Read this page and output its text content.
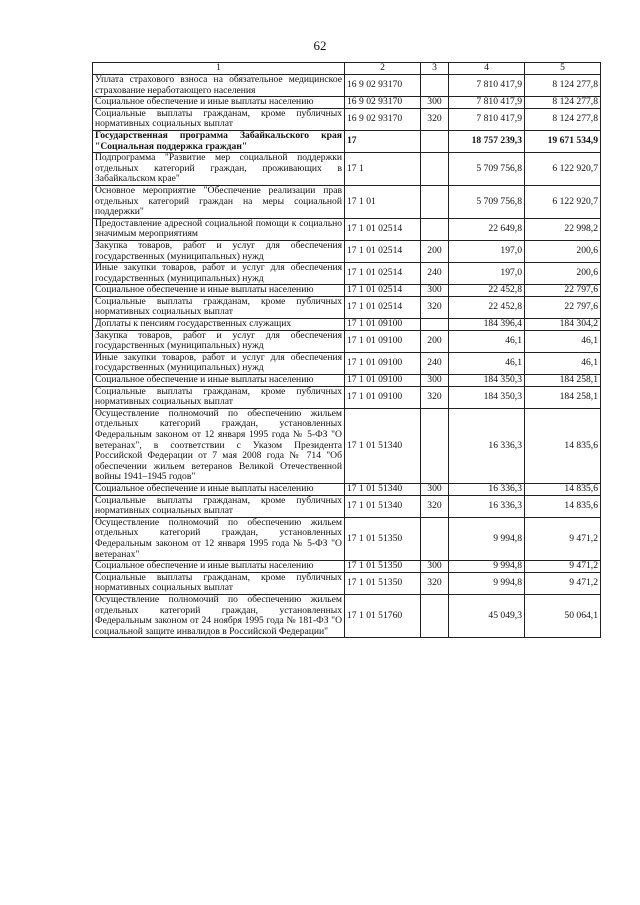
62
1	2	3	4	5
Уплата страхового взноса на обязательное медицинское страхование неработающего населения	16 9 02 93170		7 810 417,9	8 124 277,8
Социальное обеспечение и иные выплаты населению	16 9 02 93170	300	7 810 417,9	8 124 277,8
Социальные выплаты гражданам, кроме публичных нормативных социальных выплат	16 9 02 93170	320	7 810 417,9	8 124 277,8
Государственная программа Забайкальского края "Социальная поддержка граждан"	17		18 757 239,3	19 671 534,9
Подпрограмма "Развитие мер социальной поддержки отдельных категорий граждан, проживающих в Забайкальском крае"	17 1		5 709 756,8	6 122 920,7
Основное мероприятие "Обеспечение реализации прав отдельных категорий граждан на меры социальной поддержки"	17 1 01		5 709 756,8	6 122 920,7
Предоставление адресной социальной помощи к социально значимым мероприятиям	17 1 01 02514		22 649,8	22 998,2
Закупка товаров, работ и услуг для обеспечения государственных (муниципальных) нужд	17 1 01 02514	200	197,0	200,6
Иные закупки товаров, работ и услуг для обеспечения государственных (муниципальных) нужд	17 1 01 02514	240	197,0	200,6
Социальное обеспечение и иные выплаты населению	17 1 01 02514	300	22 452,8	22 797,6
Социальные выплаты гражданам, кроме публичных нормативных социальных выплат	17 1 01 02514	320	22 452,8	22 797,6
Доплаты к пенсиям государственных служащих	17 1 01 09100		184 396,4	184 304,2
Закупка товаров, работ и услуг для обеспечения государственных (муниципальных) нужд	17 1 01 09100	200	46,1	46,1
Иные закупки товаров, работ и услуг для обеспечения государственных (муниципальных) нужд	17 1 01 09100	240	46,1	46,1
Социальное обеспечение и иные выплаты населению	17 1 01 09100	300	184 350,3	184 258,1
Социальные выплаты гражданам, кроме публичных нормативных социальных выплат	17 1 01 09100	320	184 350,3	184 258,1
Осуществление полномочий по обеспечению жильем отдельных категорий граждан, установленных Федеральным законом от 12 января 1995 года № 5-ФЗ "О ветеранах", в соответствии с Указом Президента Российской Федерации от 7 мая 2008 года № 714 "Об обеспечении жильем ветеранов Великой Отечественной войны 1941–1945 годов"	17 1 01 51340		16 336,3	14 835,6
Социальное обеспечение и иные выплаты населению	17 1 01 51340	300	16 336,3	14 835,6
Социальные выплаты гражданам, кроме публичных нормативных социальных выплат	17 1 01 51340	320	16 336,3	14 835,6
Осуществление полномочий по обеспечению жильем отдельных категорий граждан, установленных Федеральным законом от 12 января 1995 года № 5-ФЗ "О ветеранах"	17 1 01 51350		9 994,8	9 471,2
Социальное обеспечение и иные выплаты населению	17 1 01 51350	300	9 994,8	9 471,2
Социальные выплаты гражданам, кроме публичных нормативных социальных выплат	17 1 01 51350	320	9 994,8	9 471,2
Осуществление полномочий по обеспечению жильем отдельных категорий граждан, установленных Федеральным законом от 24 ноября 1995 года № 181-ФЗ "О социальной защите инвалидов в Российской Федерации"	17 1 01 51760		45 049,3	50 064,1
